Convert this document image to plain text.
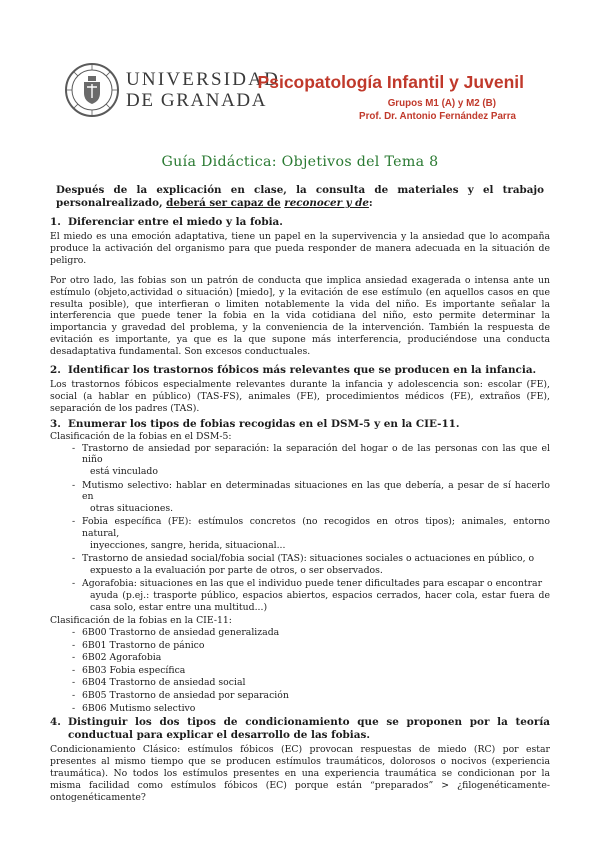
UNIVERSIDAD
DE GRANADA
Psicopatología Infantil y Juvenil
Grupos M1 (A) y M2 (B)
Prof. Dr. Antonio Fernández Parra
Guía Didáctica: Objetivos del Tema 8
Después de la explicación en clase, la consulta de materiales y el trabajo personalrealizado, deberá ser capaz de reconocer y de:
1. Diferenciar entre el miedo y la fobia.

El miedo es una emoción adaptativa, tiene un papel en la supervivencia y la ansiedad que lo acompaña produce la activación del organismo para que pueda responder de manera adecuada en la situación de peligro.

Por otro lado, las fobias son un patrón de conducta que implica ansiedad exagerada o intensa ante un estímulo (objeto,actividad o situación) [miedo], y la evitación de ese estímulo (en aquellos casos en que resulta posible), que interfieran o limiten notablemente la vida del niño. Es importante señalar la interferencia que puede tener la fobia en la vida cotidiana del niño, esto permite determinar la importancia y gravedad del problema, y la conveniencia de la intervención. También la respuesta de evitación es importante, ya que es la que supone más interferencia, produciéndose una conducta desadaptativa fundamental. Son excesos conductuales.

2. Identificar los trastornos fóbicos más relevantes que se producen en la infancia.

Los trastornos fóbicos especialmente relevantes durante la infancia y adolescencia son: escolar (FE), social (a hablar en público) (TAS-FS), animales (FE), procedimientos médicos (FE), extraños (FE), separación de los padres (TAS).

3. Enumerar los tipos de fobias recogidas en el DSM-5 y en la CIE-11.
Clasificación de la fobias en el DSM-5:
- Trastorno de ansiedad por separación: la separación del hogar o de las personas con las que el niño
está vinculado
- Mutismo selectivo: hablar en determinadas situaciones en las que debería, a pesar de sí hacerlo en
otras situaciones.
- Fobia específica (FE): estímulos concretos (no recogidos en otros tipos); animales, entorno natural,
inyecciones, sangre, herida, situacional...
- Trastorno de ansiedad social/fobia social (TAS): situaciones sociales o actuaciones en público, o
expuesto a la evaluación por parte de otros, o ser observados.
- Agorafobia: situaciones en las que el individuo puede tener dificultades para escapar o encontrar
ayuda (p.ej.: trasporte público, espacios abiertos, espacios cerrados, hacer cola, estar fuera de casa solo, estar entre una multitud...)
Clasificación de la fobias en la CIE-11:
- 6B00 Trastorno de ansiedad generalizada
- 6B01 Trastorno de pánico
- 6B02 Agorafobia
- 6B03 Fobia específica
- 6B04 Trastorno de ansiedad social
- 6B05 Trastorno de ansiedad por separación
- 6B06 Mutismo selectivo
4. Distinguir los dos tipos de condicionamiento que se proponen por la teoría conductual para explicar el desarrollo de las fobias.

Condicionamiento Clásico: estímulos fóbicos (EC) provocan respuestas de miedo (RC) por estar presentes al mismo tiempo que se producen estímulos traumáticos, dolorosos o nocivos (experiencia traumática). No todos los estímulos presentes en una experiencia traumática se condicionan por la misma facilidad como estímulos fóbicos (EC) porque están “preparados” > ¿filogenéticamente-ontogenéticamente?
